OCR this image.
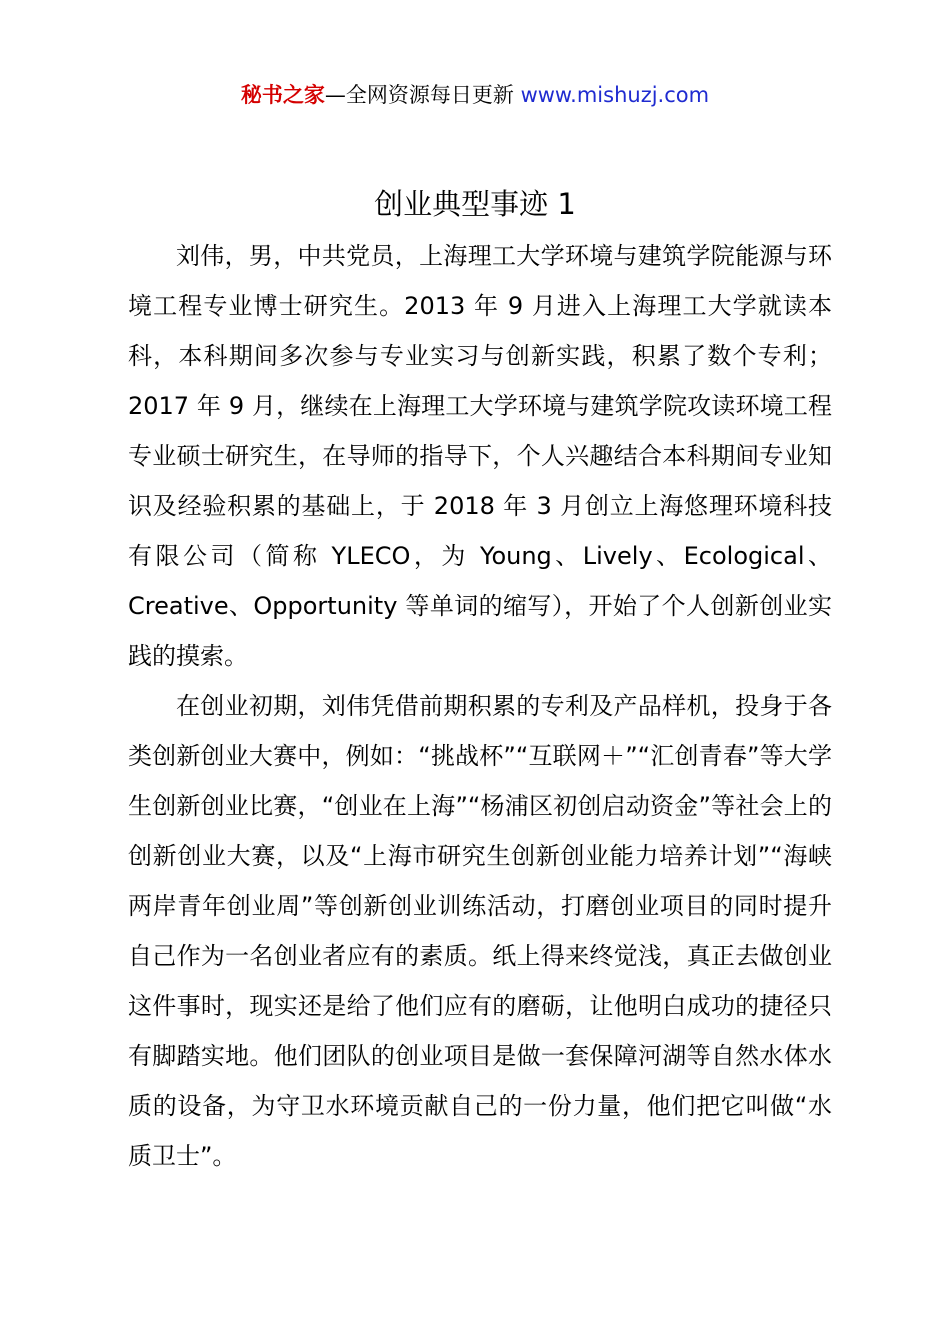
秘书之家—全网资源每日更新 www.mishuzj.com
创业典型事迹 1

刘伟，男，中共党员，上海理工大学环境与建筑学院能源与环境工程专业博士研究生。2013 年 9 月进入上海理工大学就读本科，本科期间多次参与专业实习与创新实践，积累了数个专利；2017 年 9 月，继续在上海理工大学环境与建筑学院攻读环境工程专业硕士研究生，在导师的指导下，个人兴趣结合本科期间专业知识及经验积累的基础上，于 2018 年 3 月创立上海悠理环境科技有限公司（简称 YLECO，为 Young、Lively、Ecological、Creative、Opportunity 等单词的缩写），开始了个人创新创业实践的摸索。

在创业初期，刘伟凭借前期积累的专利及产品样机，投身于各类创新创业大赛中，例如：“挑战杯”“互联网＋”“汇创青春”等大学生创新创业比赛，“创业在上海”“杨浦区初创启动资金”等社会上的创新创业大赛，以及“上海市研究生创新创业能力培养计划”“海峡两岸青年创业周”等创新创业训练活动，打磨创业项目的同时提升自己作为一名创业者应有的素质。纸上得来终觉浅，真正去做创业这件事时，现实还是给了他们应有的磨砺，让他明白成功的捷径只有脚踏实地。他们团队的创业项目是做一套保障河湖等自然水体水质的设备，为守卫水环境贡献自己的一份力量，他们把它叫做“水质卫士”。
